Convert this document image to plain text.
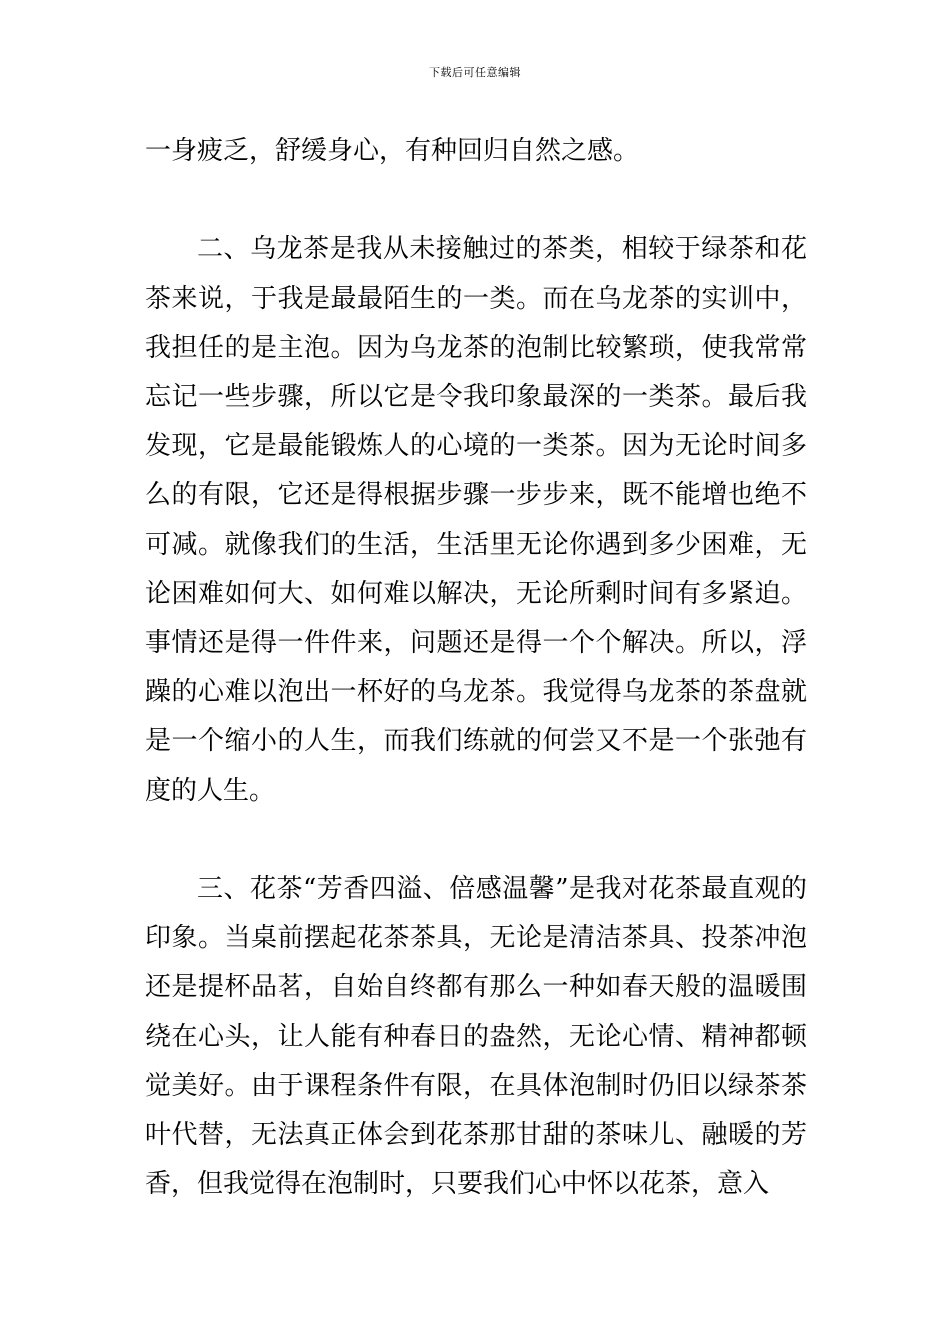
下载后可任意编辑

一身疲乏，舒缓身心，有种回归自然之感。

二、乌龙茶是我从未接触过的茶类，相较于绿茶和花茶来说，于我是最最陌生的一类。而在乌龙茶的实训中，我担任的是主泡。因为乌龙茶的泡制比较繁琐，使我常常忘记一些步骤，所以它是令我印象最深的一类茶。最后我发现，它是最能锻炼人的心境的一类茶。因为无论时间多么的有限，它还是得根据步骤一步步来，既不能增也绝不可减。就像我们的生活，生活里无论你遇到多少困难，无论困难如何大、如何难以解决，无论所剩时间有多紧迫。事情还是得一件件来，问题还是得一个个解决。所以，浮躁的心难以泡出一杯好的乌龙茶。我觉得乌龙茶的茶盘就是一个缩小的人生，而我们练就的何尝又不是一个张弛有度的人生。

三、花茶“芳香四溢、倍感温馨”是我对花茶最直观的印象。当桌前摆起花茶茶具，无论是清洁茶具、投茶冲泡还是提杯品茗，自始自终都有那么一种如春天般的温暖围绕在心头，让人能有种春日的盎然，无论心情、精神都顿觉美好。由于课程条件有限，在具体泡制时仍旧以绿茶茶叶代替，无法真正体会到花茶那甘甜的茶味儿、融暖的芳香，但我觉得在泡制时，只要我们心中怀以花茶，意入
